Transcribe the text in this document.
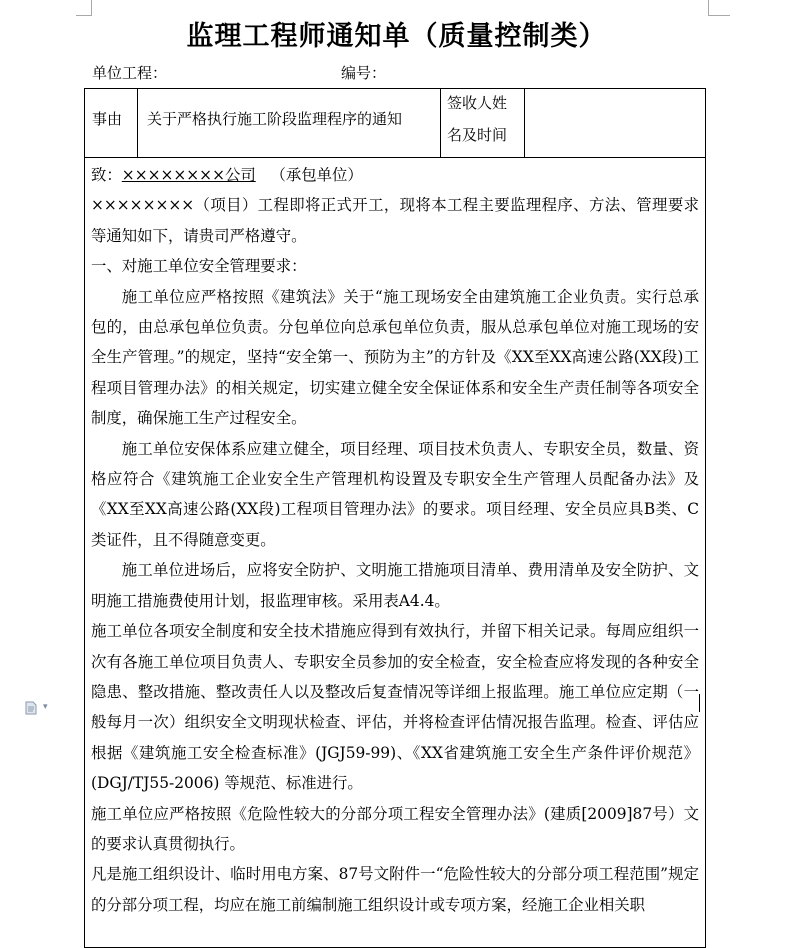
监理工程师通知单（质量控制类）
单位工程：	编号：
事由 关于严格执行施工阶段监理程序的通知
签收人姓
名及时间

致：××××××××公司 （承包单位）

××××××××（项目）工程即将正式开工，现将本工程主要监理程序、方法、管理要求等通知如下，请贵司严格遵守。

一、对施工单位安全管理要求：

施工单位应严格按照《建筑法》关于“施工现场安全由建筑施工企业负责。实行总承包的，由总承包单位负责。分包单位向总承包单位负责，服从总承包单位对施工现场的安全生产管理。”的规定，坚持“安全第一、预防为主”的方针及《XX至XX高速公路(XX段)工程项目管理办法》的相关规定，切实建立健全安全保证体系和安全生产责任制等各项安全制度，确保施工生产过程安全。

施工单位安保体系应建立健全，项目经理、项目技术负责人、专职安全员，数量、资格应符合《建筑施工企业安全生产管理机构设置及专职安全生产管理人员配备办法》及《XX至XX高速公路(XX段)工程项目管理办法》的要求。项目经理、安全员应具B类、C类证件，且不得随意变更。

施工单位进场后，应将安全防护、文明施工措施项目清单、费用清单及安全防护、文明施工措施费使用计划，报监理审核。采用表A4.4。

施工单位各项安全制度和安全技术措施应得到有效执行，并留下相关记录。每周应组织一次有各施工单位项目负责人、专职安全员参加的安全检查，安全检查应将发现的各种安全隐患、整改措施、整改责任人以及整改后复查情况等详细上报监理。施工单位应定期（一般每月一次）组织安全文明现状检查、评估，并将检查评估情况报告监理。检查、评估应根据《建筑施工安全检查标准》(JGJ59-99)、《XX省建筑施工安全生产条件评价规范》(DGJ/TJ55-2006) 等规范、标准进行。

施工单位应严格按照《危险性较大的分部分项工程安全管理办法》(建质[2009]87号）文的要求认真贯彻执行。

凡是施工组织设计、临时用电方案、87号文附件一“危险性较大的分部分项工程范围”规定的分部分项工程，均应在施工前编制施工组织设计或专项方案，经施工企业相关职

▾
